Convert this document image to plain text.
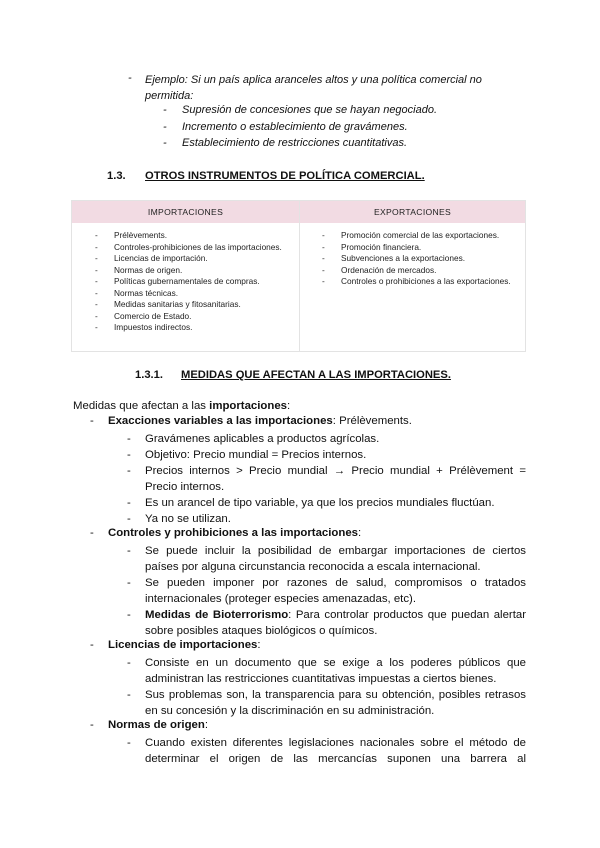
- Ejemplo: Si un país aplica aranceles altos y una política comercial no
permitida:
- Supresión de concesiones que se hayan negociado.
- Incremento o establecimiento de gravámenes.
- Establecimiento de restricciones cuantitativas.
1.3. OTROS INSTRUMENTOS DE POLÍTICA COMERCIAL.
IMPORTACIONES	EXPORTACIONES
- Prélèvements.
- Controles-prohibiciones de las importaciones.
- Licencias de importación.
- Normas de origen.
- Políticas gubernamentales de compras.
- Normas técnicas.
- Medidas sanitarias y fitosanitarias.
- Comercio de Estado.
- Impuestos indirectos.
- Promoción comercial de las exportaciones.
- Promoción financiera.
- Subvenciones a la exportaciones.
- Ordenación de mercados.
- Controles o prohibiciones a las exportaciones.
1.3.1. MEDIDAS QUE AFECTAN A LAS IMPORTACIONES.
Medidas que afectan a las importaciones:
- Exacciones variables a las importaciones: Prélèvements.
- Gravámenes aplicables a productos agrícolas.
- Objetivo: Precio mundial = Precios internos.
- Precios internos > Precio mundial → Precio mundial + Prélèvement = Precio internos.
- Es un arancel de tipo variable, ya que los precios mundiales fluctúan.
- Ya no se utilizan.
- Controles y prohibiciones a las importaciones:
- Se puede incluir la posibilidad de embargar importaciones de ciertos países por alguna circunstancia reconocida a escala internacional.
- Se pueden imponer por razones de salud, compromisos o tratados internacionales (proteger especies amenazadas, etc).
- Medidas de Bioterrorismo: Para controlar productos que puedan alertar sobre posibles ataques biológicos o químicos.
- Licencias de importaciones:
- Consiste en un documento que se exige a los poderes públicos que administran las restricciones cuantitativas impuestas a ciertos bienes.
- Sus problemas son, la transparencia para su obtención, posibles retrasos en su concesión y la discriminación en su administración.
- Normas de origen:
- Cuando existen diferentes legislaciones nacionales sobre el método de determinar el origen de las mercancías suponen una barrera al
